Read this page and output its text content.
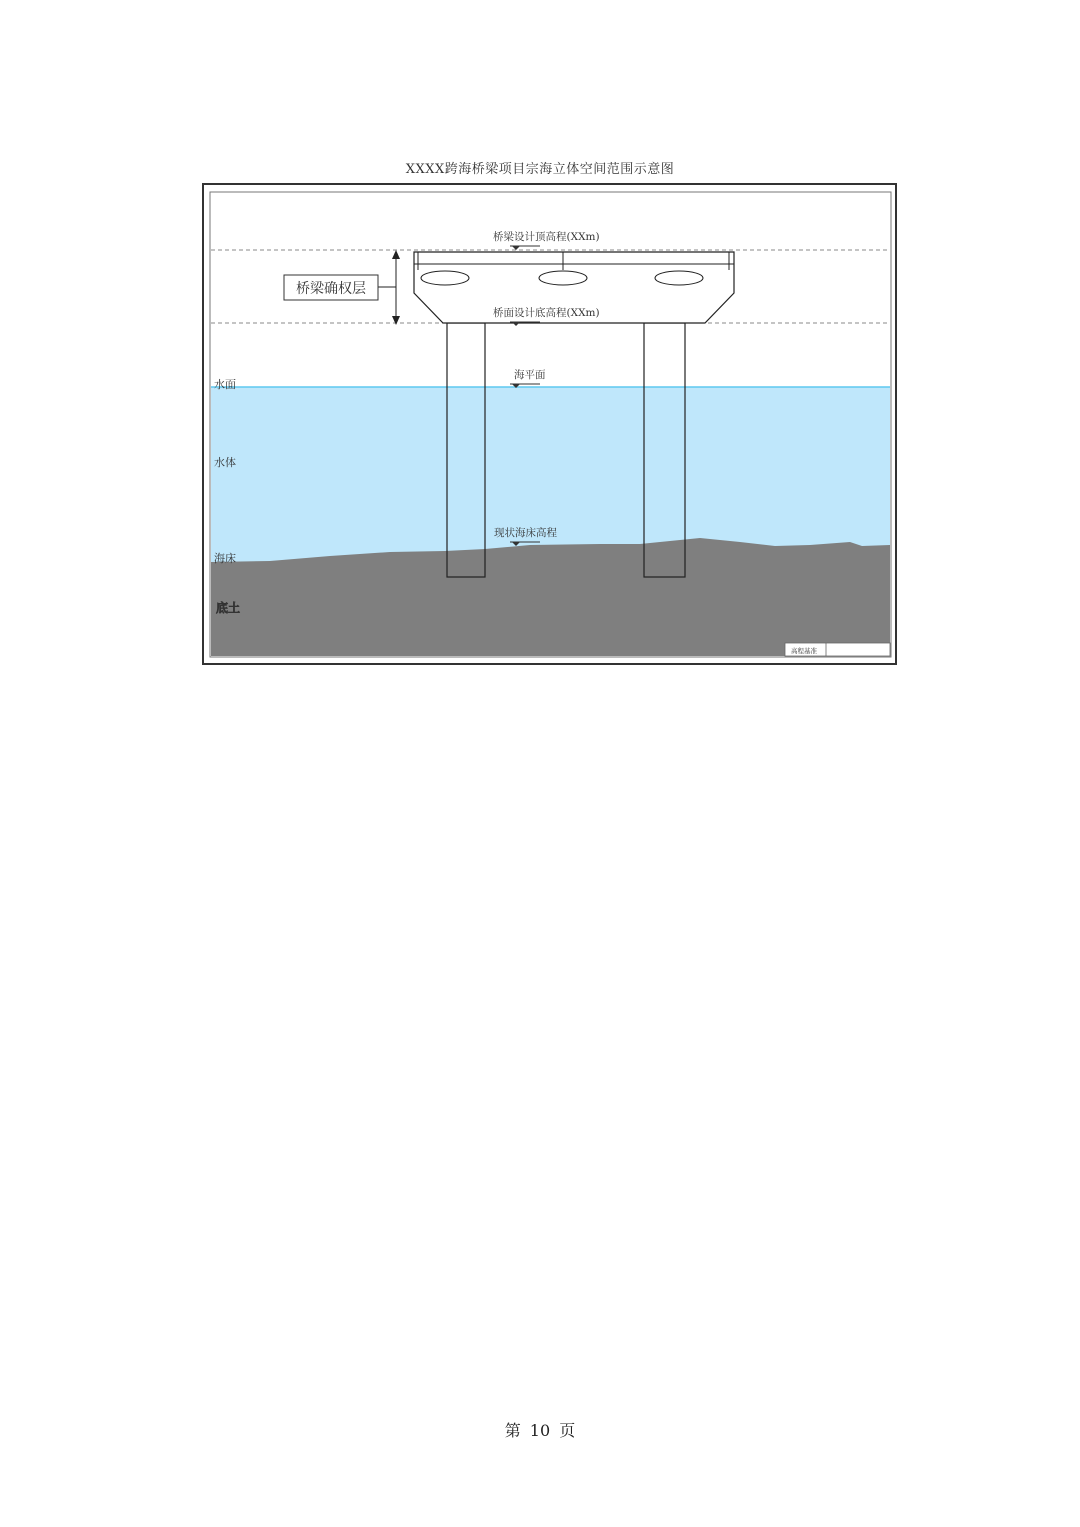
XXXX跨海桥梁项目宗海立体空间范围示意图
桥梁确权层
桥梁设计顶高程(XXm)
桥面设计底高程(XXm)
海平面
现状海床高程
水面
水体
海床
底土
高程基准
第 10 页
